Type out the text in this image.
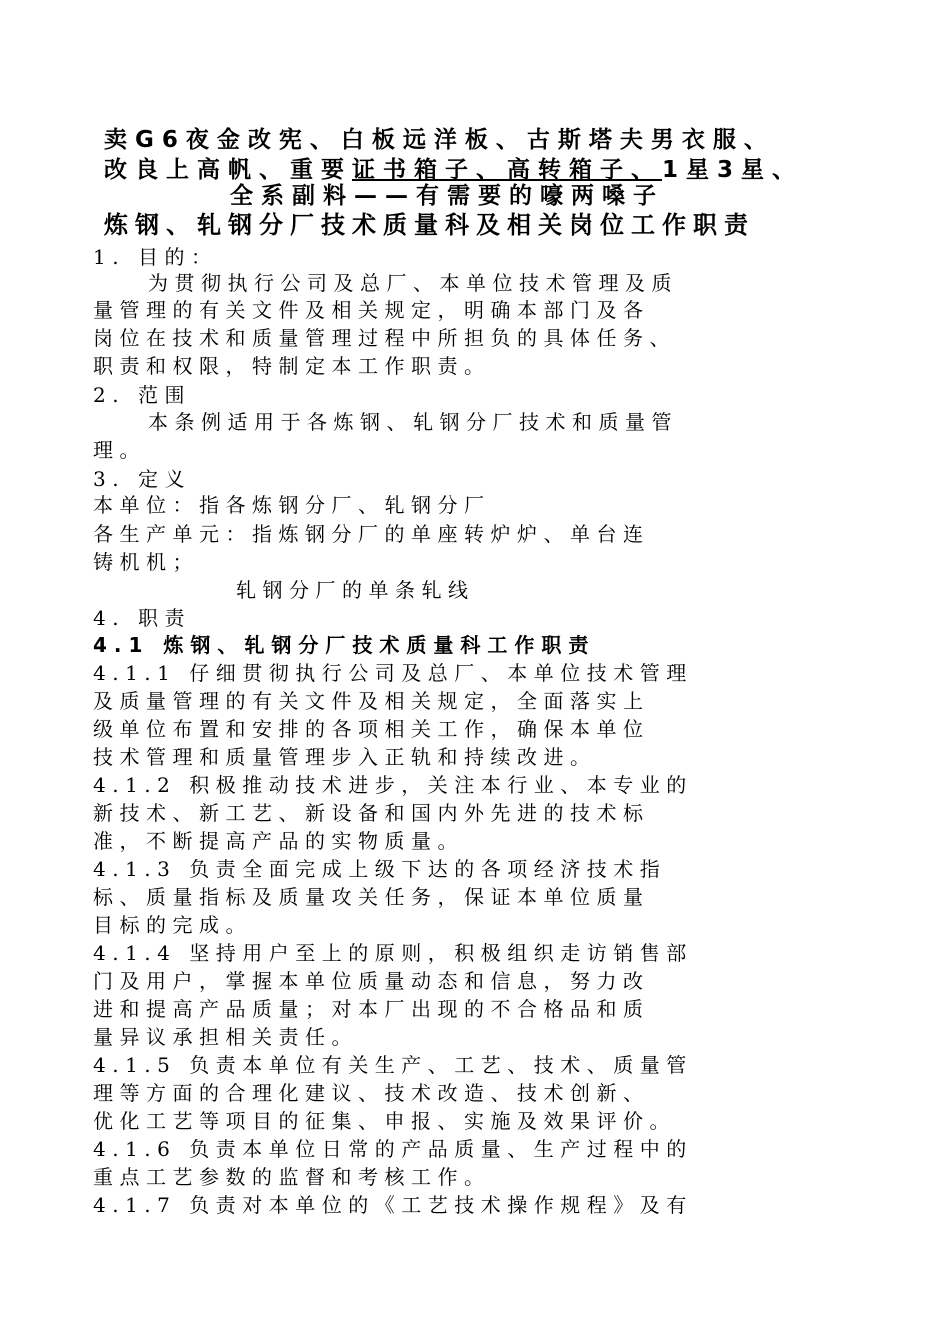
卖G6夜金改宪、白板远洋板、古斯塔夫男衣服、
改良上高帆、重要证书箱子、高转箱子、1星3星、
全系副料——有需要的嚎两嗓子
炼钢、轧钢分厂技术质量科及相关岗位工作职责
1. 目的：
为贯彻执行公司及总厂、本单位技术管理及质
量管理的有关文件及相关规定，明确本部门及各
岗位在技术和质量管理过程中所担负的具体任务、
职责和权限，特制定本工作职责。
2. 范围
本条例适用于各炼钢、轧钢分厂技术和质量管
理。
3. 定义
本单位：指各炼钢分厂、轧钢分厂
各生产单元：指炼钢分厂的单座转炉炉、单台连
铸机机；
轧钢分厂的单条轧线
4. 职责
4.1 炼钢、轧钢分厂技术质量科工作职责
4.1.1 仔细贯彻执行公司及总厂、本单位技术管理
及质量管理的有关文件及相关规定，全面落实上
级单位布置和安排的各项相关工作，确保本单位
技术管理和质量管理步入正轨和持续改进。
4.1.2 积极推动技术进步，关注本行业、本专业的
新技术、新工艺、新设备和国内外先进的技术标
准，不断提高产品的实物质量。
4.1.3 负责全面完成上级下达的各项经济技术指
标、质量指标及质量攻关任务，保证本单位质量
目标的完成。
4.1.4 坚持用户至上的原则，积极组织走访销售部
门及用户，掌握本单位质量动态和信息，努力改
进和提高产品质量；对本厂出现的不合格品和质
量异议承担相关责任。
4.1.5 负责本单位有关生产、工艺、技术、质量管
理等方面的合理化建议、技术改造、技术创新、
优化工艺等项目的征集、申报、实施及效果评价。
4.1.6 负责本单位日常的产品质量、生产过程中的
重点工艺参数的监督和考核工作。
4.1.7 负责对本单位的《工艺技术操作规程》及有
